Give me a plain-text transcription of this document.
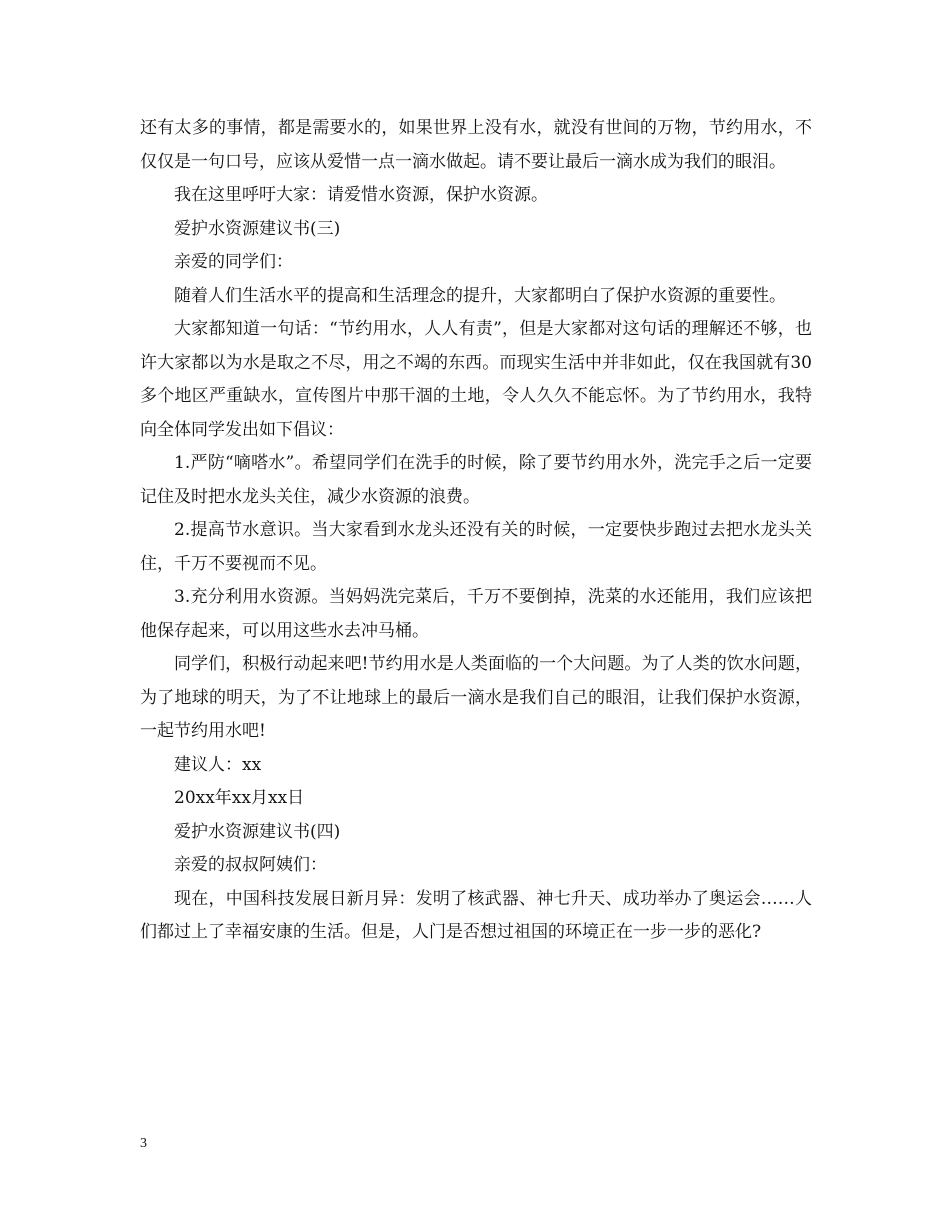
还有太多的事情，都是需要水的，如果世界上没有水，就没有世间的万物，节约用水，不仅仅是一句口号，应该从爱惜一点一滴水做起。请不要让最后一滴水成为我们的眼泪。

我在这里呼吁大家：请爱惜水资源，保护水资源。

爱护水资源建议书(三)

亲爱的同学们：

随着人们生活水平的提高和生活理念的提升，大家都明白了保护水资源的重要性。

大家都知道一句话：“节约用水，人人有责”，但是大家都对这句话的理解还不够，也许大家都以为水是取之不尽，用之不竭的东西。而现实生活中并非如此，仅在我国就有30多个地区严重缺水，宣传图片中那干涸的土地，令人久久不能忘怀。为了节约用水，我特向全体同学发出如下倡议：

1.严防“嘀嗒水”。希望同学们在洗手的时候，除了要节约用水外，洗完手之后一定要记住及时把水龙头关住，减少水资源的浪费。

2.提高节水意识。当大家看到水龙头还没有关的时候，一定要快步跑过去把水龙头关住，千万不要视而不见。

3.充分利用水资源。当妈妈洗完菜后，千万不要倒掉，洗菜的水还能用，我们应该把他保存起来，可以用这些水去冲马桶。

同学们，积极行动起来吧!节约用水是人类面临的一个大问题。为了人类的饮水问题，为了地球的明天，为了不让地球上的最后一滴水是我们自己的眼泪，让我们保护水资源，一起节约用水吧!

建议人：xx

20xx年xx月xx日

爱护水资源建议书(四)

亲爱的叔叔阿姨们：

现在，中国科技发展日新月异：发明了核武器、神七升天、成功举办了奥运会……人们都过上了幸福安康的生活。但是，人门是否想过祖国的环境正在一步一步的恶化?

3
